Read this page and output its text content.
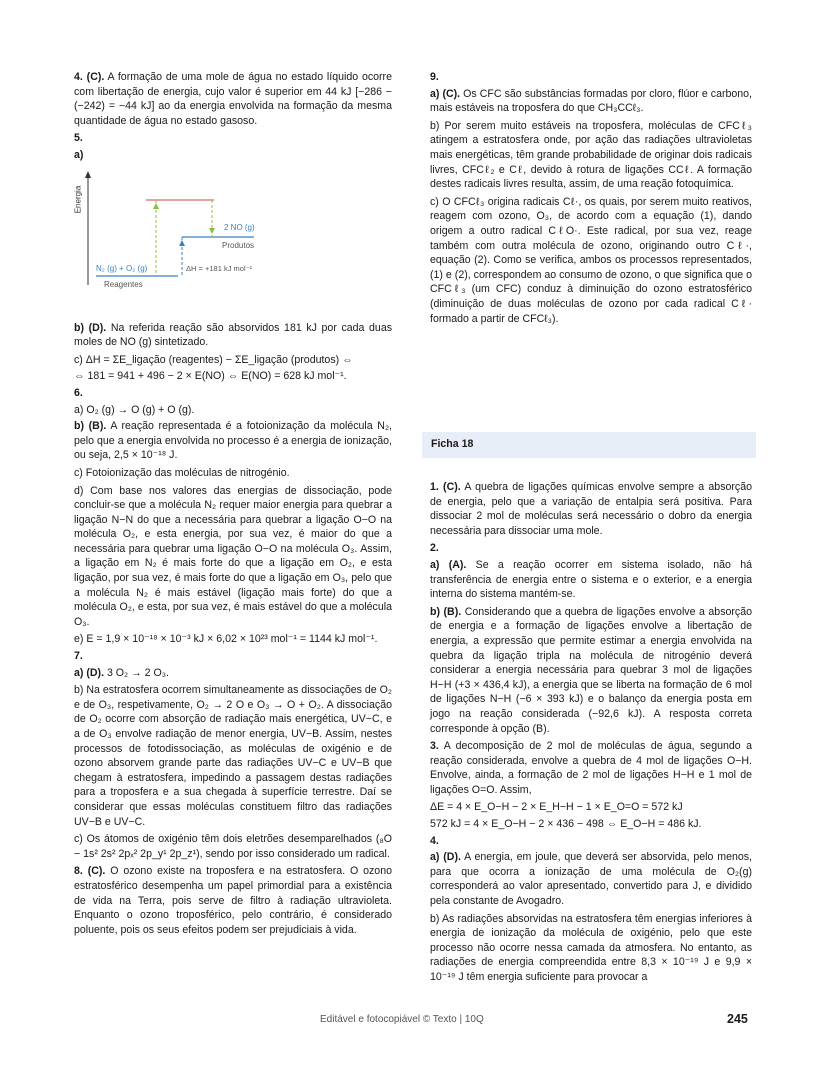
4. (C). A formação de uma mole de água no estado líquido ocorre com libertação de energia, cujo valor é superior em 44 kJ [−286 − (−242) = −44 kJ] ao da energia envolvida na formação da mesma quantidade de água no estado gasoso.

5.

a)

Energia
2 NO (g)
Produtos
N₂ (g) + O₂ (g)
Reagentes
ΔH = +181 kJ mol⁻¹

b) (D). Na referida reação são absorvidos 181 kJ por cada duas moles de NO (g) sintetizado.

c) ΔH = ΣE_ligação (reagentes) − ΣE_ligação (produtos) ⇔

⇔ 181 = 941 + 496 − 2 × E(NO) ⇔ E(NO) = 628 kJ mol⁻¹.

6.

a) O₂ (g) → O (g) + O (g).

b) (B). A reação representada é a fotoionização da molécula N₂, pelo que a energia envolvida no processo é a energia de ionização, ou seja, 2,5 × 10⁻¹⁸ J.

c) Fotoionização das moléculas de nitrogénio.

d) Com base nos valores das energias de dissociação, pode concluir-se que a molécula N₂ requer maior energia para quebrar a ligação N−N do que a necessária para quebrar a ligação O−O na molécula O₂, e esta energia, por sua vez, é maior do que a necessária para quebrar uma ligação O−O na molécula O₃. Assim, a ligação em N₂ é mais forte do que a ligação em O₂, e esta ligação, por sua vez, é mais forte do que a ligação em O₃, pelo que a molécula N₂ é mais estável (ligação mais forte) do que a molécula O₂, e esta, por sua vez, é mais estável do que a molécula O₃.

e) E = 1,9 × 10⁻¹⁸ × 10⁻³ kJ × 6,02 × 10²³ mol⁻¹ = 1144 kJ mol⁻¹.

7.

a) (D). 3 O₂ → 2 O₃.

b) Na estratosfera ocorrem simultaneamente as dissociações de O₂ e de O₃, respetivamente, O₂ → 2 O e O₃ → O + O₂. A dissociação de O₂ ocorre com absorção de radiação mais energética, UV−C, e a de O₃ envolve radiação de menor energia, UV−B. Assim, nestes processos de fotodissociação, as moléculas de oxigénio e de ozono absorvem grande parte das radiações UV−C e UV−B que chegam à estratosfera, impedindo a passagem destas radiações para a troposfera e a sua chegada à superfície terrestre. Daí se considerar que essas moléculas constituem filtro das radiações UV−B e UV−C.

c) Os átomos de oxigénio têm dois eletrões desemparelhados (₈O − 1s² 2s² 2pₓ² 2p_y¹ 2p_z¹), sendo por isso considerado um radical.

8. (C). O ozono existe na troposfera e na estratosfera. O ozono estratosférico desempenha um papel primordial para a existência de vida na Terra, pois serve de filtro à radiação ultravioleta. Enquanto o ozono troposférico, pelo contrário, é considerado poluente, pois os seus efeitos podem ser prejudiciais à vida.

9.

a) (C). Os CFC são substâncias formadas por cloro, flúor e carbono, mais estáveis na troposfera do que CH₃CCℓ₃.

b) Por serem muito estáveis na troposfera, moléculas de CFCℓ₃ atingem a estratosfera onde, por ação das radiações ultravioletas mais energéticas, têm grande probabilidade de originar dois radicais livres, CFCℓ₂ e Cℓ, devido à rotura de ligações CCℓ. A formação destes radicais livres resulta, assim, de uma reação fotoquímica.

c) O CFCℓ₃ origina radicais Cℓ·, os quais, por serem muito reativos, reagem com ozono, O₃, de acordo com a equação (1), dando origem a outro radical CℓO·. Este radical, por sua vez, reage também com outra molécula de ozono, originando outro Cℓ·, equação (2). Como se verifica, ambos os processos representados, (1) e (2), correspondem ao consumo de ozono, o que significa que o CFCℓ₃ (um CFC) conduz à diminuição do ozono estratosférico (diminuição de duas moléculas de ozono por cada radical Cℓ· formado a partir de CFCℓ₃).

Ficha 18

1. (C). A quebra de ligações químicas envolve sempre a absorção de energia, pelo que a variação de entalpia será positiva. Para dissociar 2 mol de moléculas será necessário o dobro da energia necessária para dissociar uma mole.

2.

a) (A). Se a reação ocorrer em sistema isolado, não há transferência de energia entre o sistema e o exterior, e a energia interna do sistema mantém-se.

b) (B). Considerando que a quebra de ligações envolve a absorção de energia e a formação de ligações envolve a libertação de energia, a expressão que permite estimar a energia envolvida na quebra da ligação tripla na molécula de nitrogénio deverá considerar a energia necessária para quebrar 3 mol de ligações H−H (+3 × 436,4 kJ), a energia que se liberta na formação de 6 mol de ligações N−H (−6 × 393 kJ) e o balanço da energia posta em jogo na reação considerada (−92,6 kJ). A resposta correta corresponde à opção (B).

3. A decomposição de 2 mol de moléculas de água, segundo a reação considerada, envolve a quebra de 4 mol de ligações O−H. Envolve, ainda, a formação de 2 mol de ligações H−H e 1 mol de ligações O=O. Assim,

ΔE = 4 × E_O−H − 2 × E_H−H − 1 × E_O=O = 572 kJ

572 kJ = 4 × E_O−H − 2 × 436 − 498 ⇔ E_O−H = 486 kJ.

4.

a) (D). A energia, em joule, que deverá ser absorvida, pelo menos, para que ocorra a ionização de uma molécula de O₂(g) corresponderá ao valor apresentado, convertido para J, e dividido pela constante de Avogadro.

b) As radiações absorvidas na estratosfera têm energias inferiores à energia de ionização da molécula de oxigénio, pelo que este processo não ocorre nessa camada da atmosfera. No entanto, as radiações de energia compreendida entre 8,3 × 10⁻¹⁹ J e 9,9 × 10⁻¹⁹ J têm energia suficiente para provocar a

Editável e fotocopiável © Texto | 10Q	245
